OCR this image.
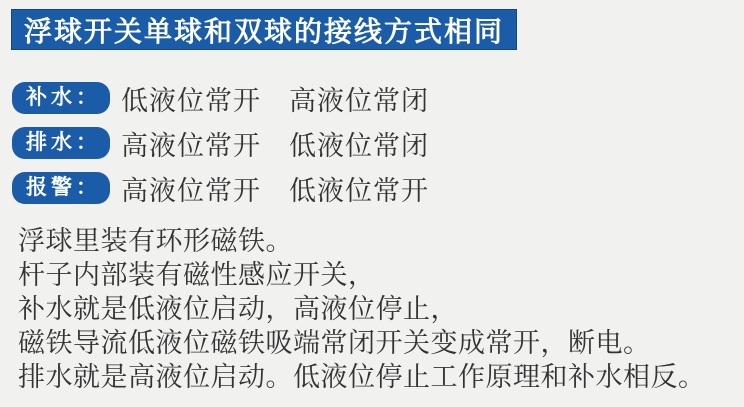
浮球开关单球和双球的接线方式相同
补水： 低液位常开　高液位常闭
排水： 高液位常开　低液位常闭
报警： 高液位常开　低液位常开
浮球里装有环形磁铁。
杆子内部装有磁性感应开关，
补水就是低液位启动，高液位停止，
磁铁导流低液位磁铁吸端常闭开关变成常开，断电。
排水就是高液位启动。低液位停止工作原理和补水相反。
